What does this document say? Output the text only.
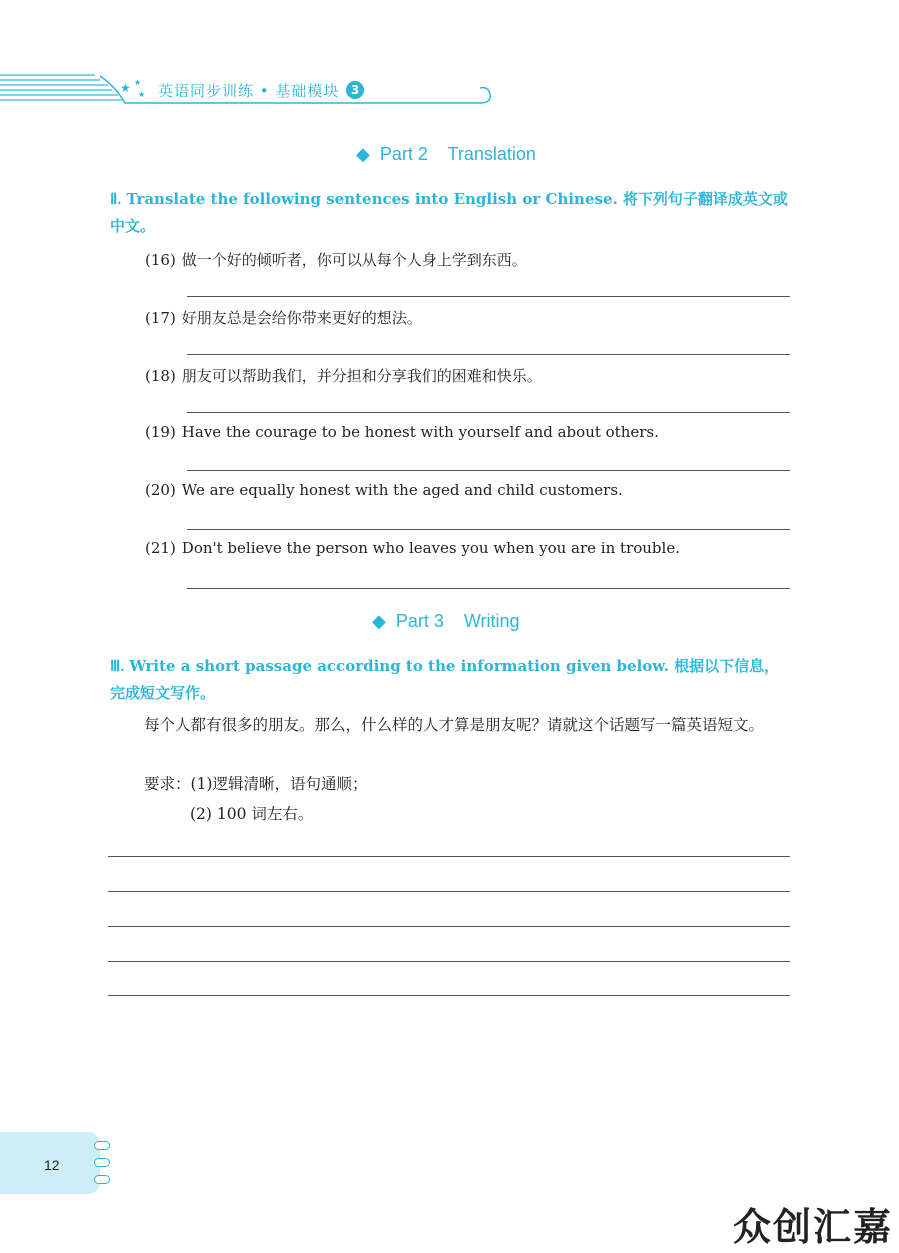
★ ★
★ 英语同步训练 • 基础模块 3
◆ Part 2    Translation
Ⅱ. Translate the following sentences into English or Chinese. 将下列句子翻译成英文或中文。
(16) 做一个好的倾听者，你可以从每个人身上学到东西。
(17) 好朋友总是会给你带来更好的想法。
(18) 朋友可以帮助我们，并分担和分享我们的困难和快乐。
(19) Have the courage to be honest with yourself and about others.
(20) We are equally honest with the aged and child customers.
(21) Don't believe the person who leaves you when you are in trouble.
◆ Part 3    Writing
Ⅲ. Write a short passage according to the information given below. 根据以下信息，完成短文写作。
每个人都有很多的朋友。那么，什么样的人才算是朋友呢？请就这个话题写一篇英语短文。
要求：(1)逻辑清晰，语句通顺；
(2) 100 词左右。
12
众创汇嘉
